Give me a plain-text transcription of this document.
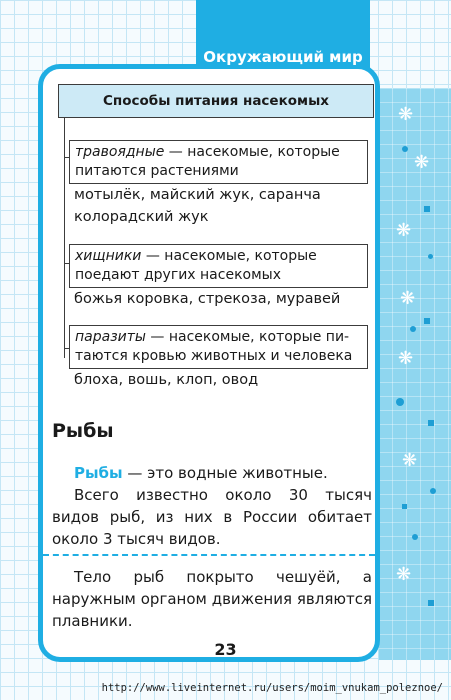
❋
❋
❋
❋
❋
❋
❋
Окружающий мир
Способы питания насекомых
травоядные — насекомые, которые
питаются растениями
мотылёк, майский жук, саранча
колорадский жук
хищники — насекомые, которые
поедают других насекомых
божья коровка, стрекоза, муравей
паразиты — насекомые, которые пи-
таются кровью животных и человека
блоха, вошь, клоп, овод
Рыбы
Рыбы — это водные животные.
Всего известно около 30 тысяч видов рыб, из них в России обитает около 3 тысяч видов.
Тело рыб покрыто чешуёй, а наружным органом движения являются плавники.
23
http://www.liveinternet.ru/users/moim_vnukam_poleznoe/
